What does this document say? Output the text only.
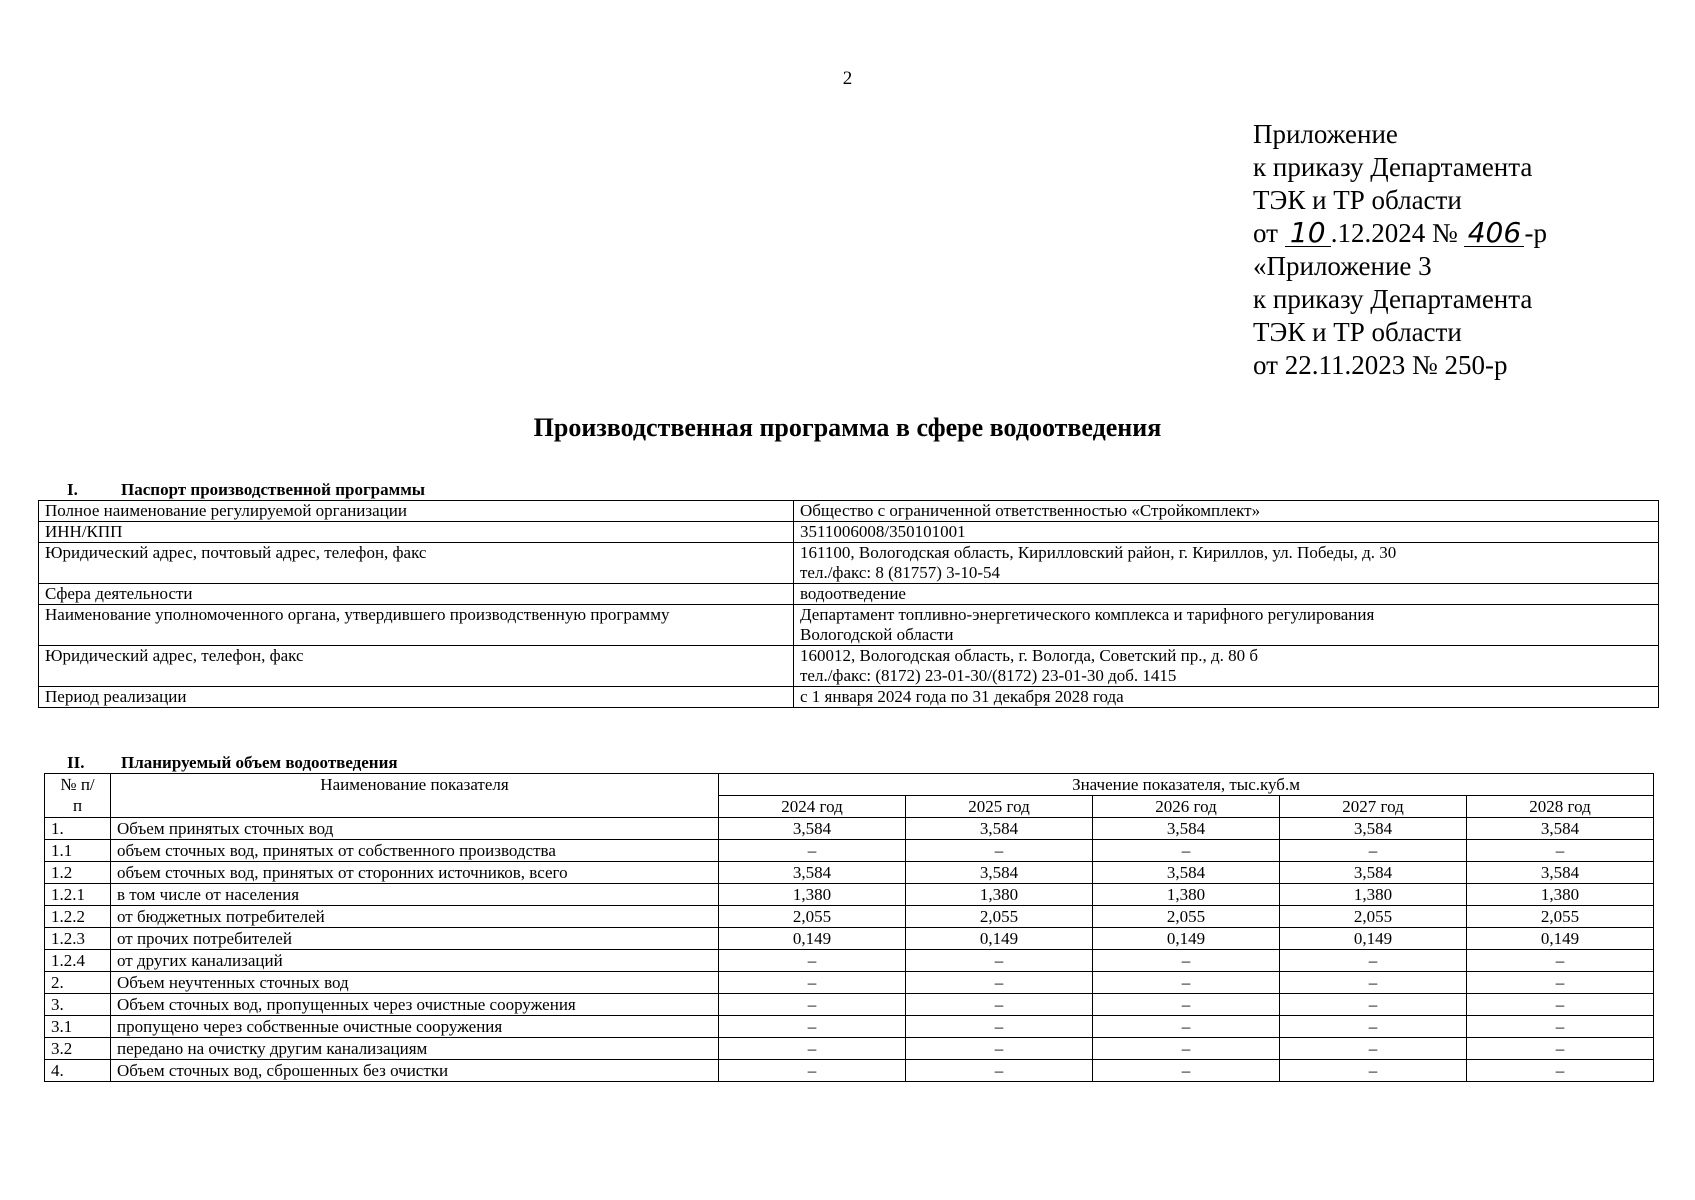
2
Приложение
к приказу Департамента
ТЭК и ТР области
от 10 .12.2024 № 406 -р
«Приложение 3
к приказу Департамента
ТЭК и ТР области
от 22.11.2023 № 250-р
Производственная программа в сфере водоотведения
I.	Паспорт производственной программы
Полное наименование регулируемой организации	Общество с ограниченной ответственностью «Стройкомплект»

ИНН/КПП	3511006008/350101001

Юридический адрес, почтовый адрес, телефон, факс	161100, Вологодская область, Кирилловский район, г. Кириллов, ул. Победы, д. 30
тел./факс: 8 (81757) 3-10-54

Сфера деятельности	водоотведение

Наименование уполномоченного органа, утвердившего производственную программу	Департамент топливно-энергетического комплекса и тарифного регулирования
Вологодской области

Юридический адрес, телефон, факс	160012, Вологодская область, г. Вологда, Советский пр., д. 80 б
тел./факс: (8172) 23-01-30/(8172) 23-01-30 доб. 1415

Период реализации	с 1 января 2024 года по 31 декабря 2028 года
II. Планируемый объем водоотведения
№ п/п	Наименование показателя	Значение показателя, тыс.куб.м				
		2024 год	2025 год	2026 год	2027 год	2028 год
1.	Объем принятых сточных вод	3,584	3,584	3,584	3,584	3,584
1.1	объем сточных вод, принятых от собственного производства	–	–	–	–	–
1.2	объем сточных вод, принятых от сторонних источников, всего	3,584	3,584	3,584	3,584	3,584
1.2.1	в том числе от населения	1,380	1,380	1,380	1,380	1,380
1.2.2	от бюджетных потребителей	2,055	2,055	2,055	2,055	2,055
1.2.3	от прочих потребителей	0,149	0,149	0,149	0,149	0,149
1.2.4	от других канализаций	–	–	–	–	–
2.	Объем неучтенных сточных вод	–	–	–	–	–
3.	Объем сточных вод, пропущенных через очистные сооружения	–	–	–	–	–
3.1	пропущено через собственные очистные сооружения	–	–	–	–	–
3.2	передано на очистку другим канализациям	–	–	–	–	–
4.	Объем сточных вод, сброшенных без очистки	–	–	–	–	–
